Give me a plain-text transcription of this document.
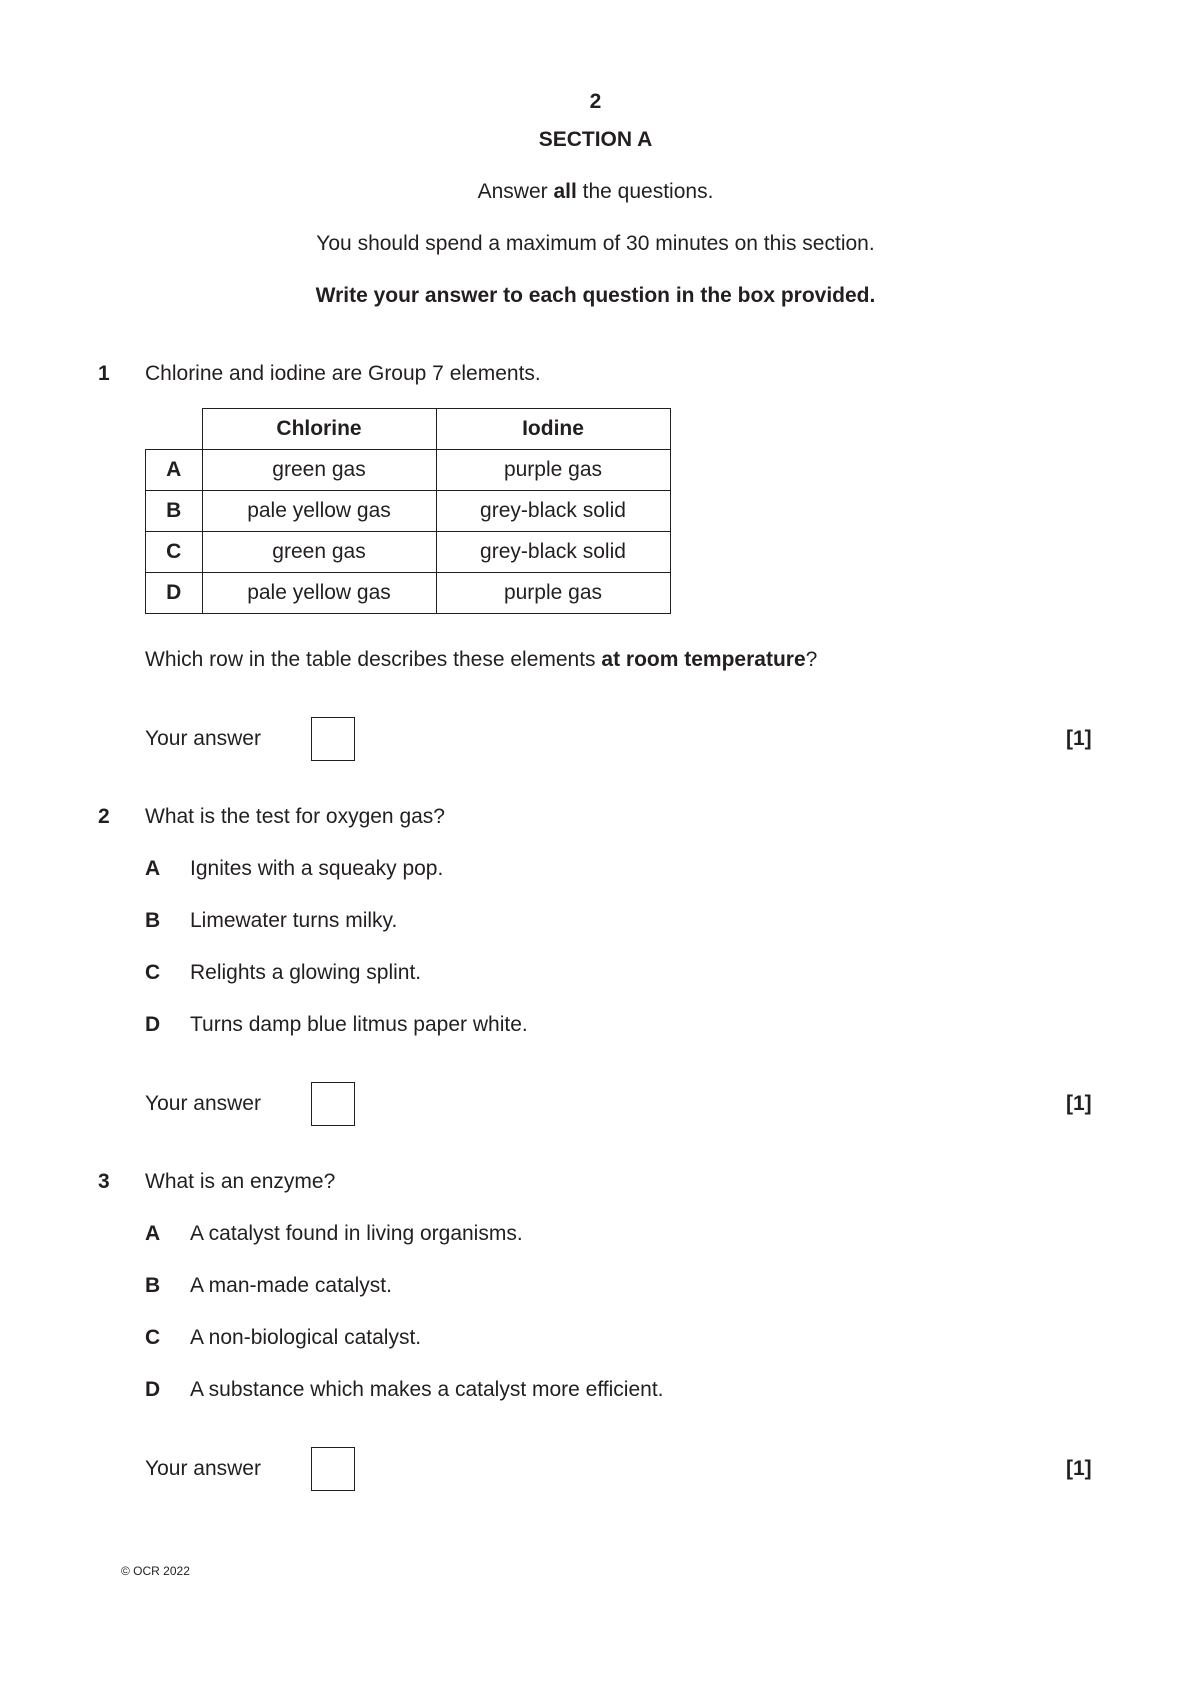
2
SECTION A
Answer all the questions.
You should spend a maximum of 30 minutes on this section.
Write your answer to each question in the box provided.
1 Chlorine and iodine are Group 7 elements.
	Chlorine	Iodine
A	green gas	purple gas
B	pale yellow gas	grey-black solid
C	green gas	grey-black solid
D	pale yellow gas	purple gas
Which row in the table describes these elements at room temperature?
Your answer	[1]
2 What is the test for oxygen gas?
A Ignites with a squeaky pop.
B Limewater turns milky.
C Relights a glowing splint.
D Turns damp blue litmus paper white.
Your answer	[1]
3 What is an enzyme?
A A catalyst found in living organisms.
B A man-made catalyst.
C A non-biological catalyst.
D A substance which makes a catalyst more efficient.
Your answer	[1]
© OCR 2022
